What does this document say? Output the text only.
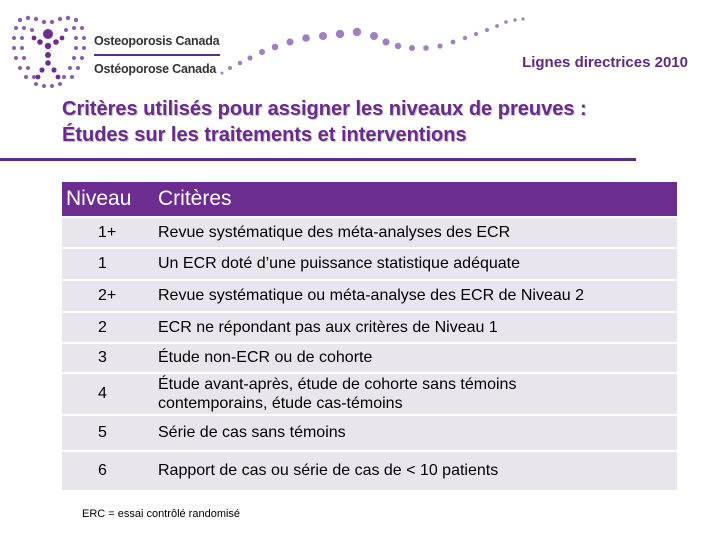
Osteoporosis Canada
Ostéoporose Canada	Lignes directrices 2010
Critères utilisés pour assigner les niveaux de preuves :
Études sur les traitements et interventions
Niveau	Critères
1+	Revue systématique des méta-analyses des ECR
1	Un ECR doté d’une puissance statistique adéquate
2+	Revue systématique ou méta-analyse des ECR de Niveau 2
2	ECR ne répondant pas aux critères de Niveau 1
3	Étude non-ECR ou de cohorte
4	Étude avant-après, étude de cohorte sans témoins
contemporains, étude cas-témoins

5	Série de cas sans témoins
6	Rapport de cas ou série de cas de < 10 patients
ERC = essai contrôlé randomisé
